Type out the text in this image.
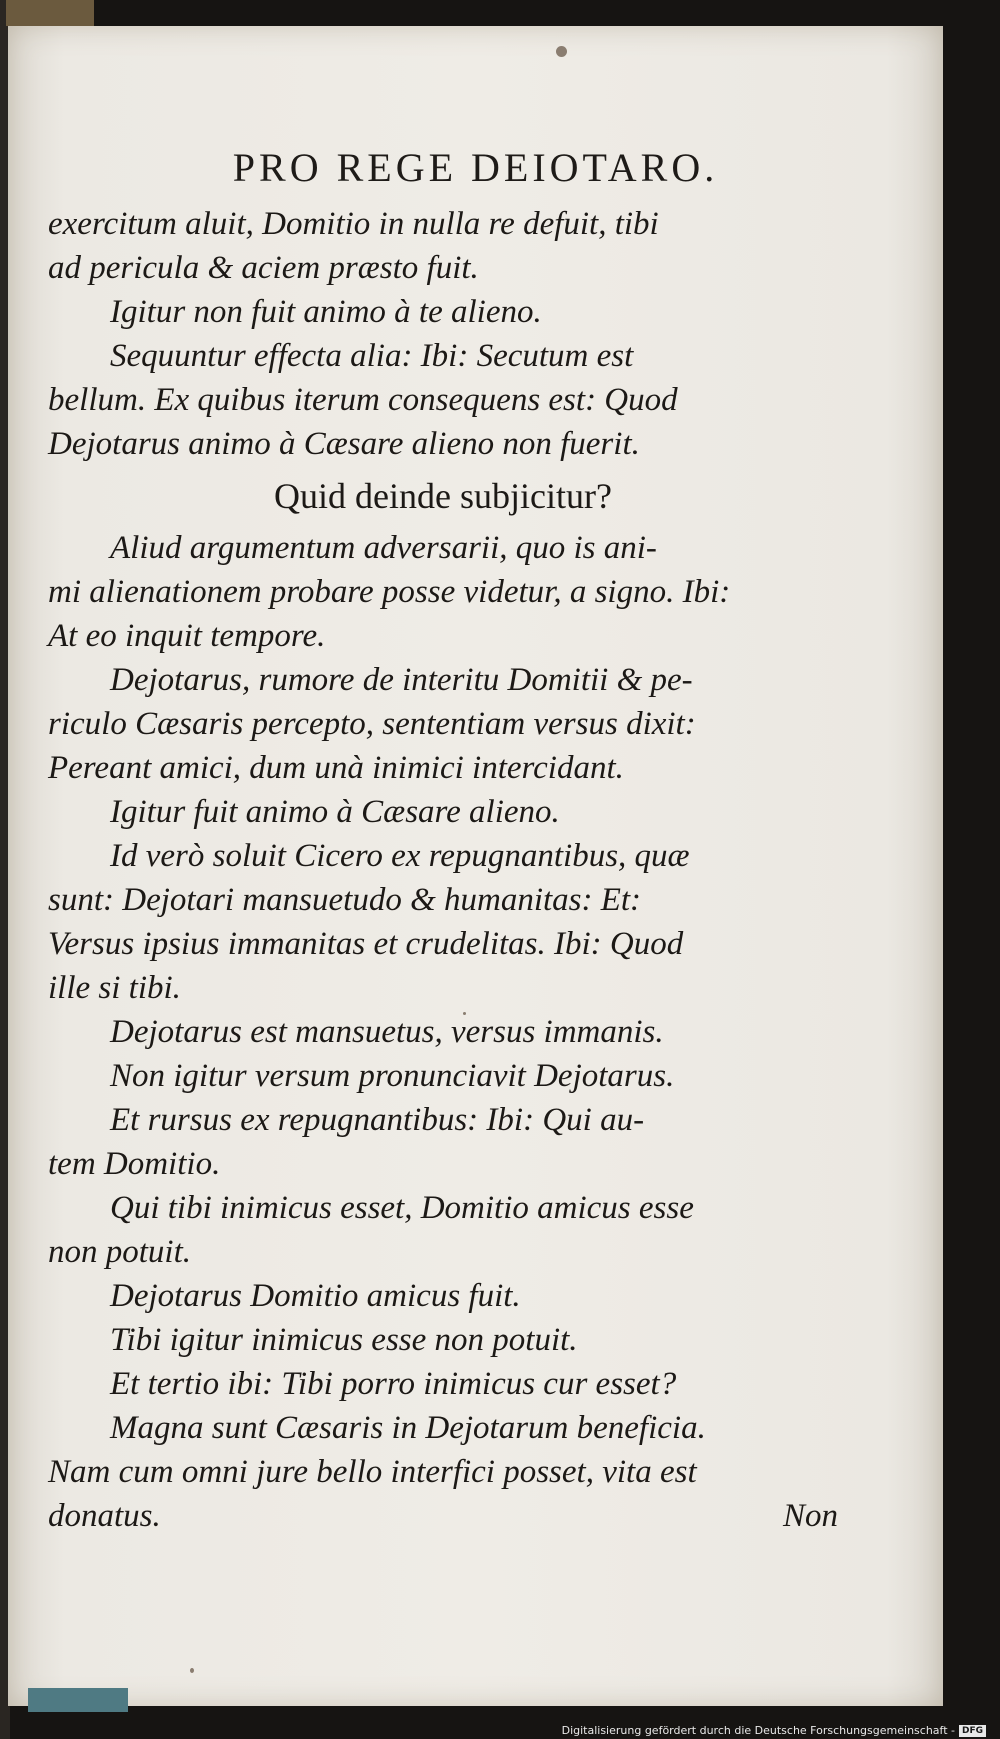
PRO REGE DEIOTARO.
exercitum aluit, Domitio in nulla re defuit, tibi
ad pericula & aciem præsto fuit.
Igitur non fuit animo à te alieno.
Sequuntur effecta alia: Ibi: Secutum est
bellum. Ex quibus iterum consequens est: Quod
Dejotarus animo à Cæsare alieno non fuerit.
Quid deinde subjicitur?
Aliud argumentum adversarii, quo is ani-
mi alienationem probare posse videtur, a signo. Ibi:
At eo inquit tempore.
Dejotarus, rumore de interitu Domitii & pe-
riculo Cæsaris percepto, sententiam versus dixit:
Pereant amici, dum unà inimici intercidant.
Igitur fuit animo à Cæsare alieno.
Id verò soluit Cicero ex repugnantibus, quæ
sunt: Dejotari mansuetudo & humanitas: Et:
Versus ipsius immanitas et crudelitas. Ibi: Quod
ille si tibi.
Dejotarus est mansuetus, versus immanis.
Non igitur versum pronunciavit Dejotarus.
Et rursus ex repugnantibus: Ibi: Qui au-
tem Domitio.
Qui tibi inimicus esset, Domitio amicus esse
non potuit.
Dejotarus Domitio amicus fuit.
Tibi igitur inimicus esse non potuit.
Et tertio ibi: Tibi porro inimicus cur esset?
Magna sunt Cæsaris in Dejotarum beneficia.
Nam cum omni jure bello interfici posset, vita est
donatus.	Non
Digitalisierung gefördert durch die Deutsche Forschungsgemeinschaft - DFG
